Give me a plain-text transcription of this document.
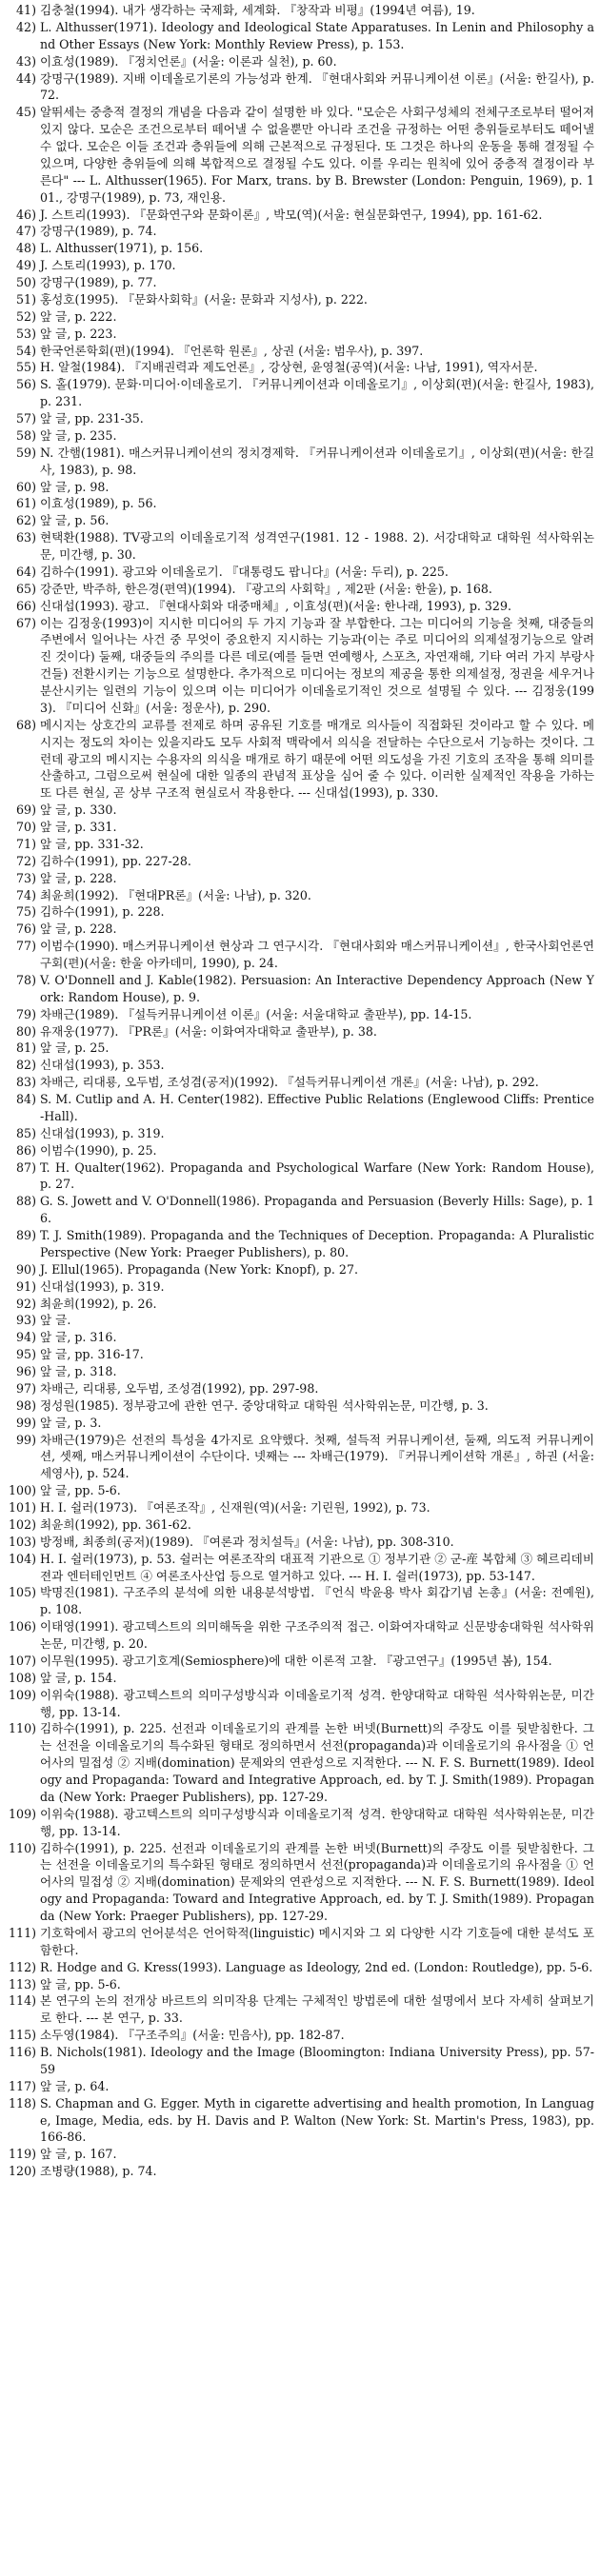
41) 김충철(1994). 내가 생각하는 국제화, 세계화. 『창작과 비평』(1994년 여름), 19.
42) L. Althusser(1971). Ideology and Ideological State Apparatuses. In Lenin and Philosophy and Other Essays (New York: Monthly Review Press), p. 153.
43) 이효성(1989). 『정치언론』(서울: 이론과 실천), p. 60.
44) 강명구(1989). 지배 이데올로기론의 가능성과 한계. 『현대사회와 커뮤니케이션 이론』(서울: 한길사), p. 72.
45) 알뛰세는 중층적 결정의 개념을 다음과 같이 설명한 바 있다. "모순은 사회구성체의 전체구조로부터 떨어져 있지 않다. 모순은 조건으로부터 떼어낼 수 없을뿐만 아니라 조건을 규정하는 어떤 층위들로부터도 떼어낼 수 없다. 모순은 이들 조건과 층위들에 의해 근본적으로 규정된다. 또 그것은 하나의 운동을 통해 결정될 수 있으며, 다양한 층위들에 의해 복합적으로 결정될 수도 있다. 이를 우리는 원칙에 있어 중층적 결정이라 부른다" --- L. Althusser(1965). For Marx, trans. by B. Brewster (London: Penguin, 1969), p. 101., 강명구(1989), p. 73, 재인용.
46) J. 스트리(1993). 『문화연구와 문화이론』, 박모(역)(서울: 현실문화연구, 1994), pp. 161-62.
47) 강명구(1989), p. 74.
48) L. Althusser(1971), p. 156.
49) J. 스토리(1993), p. 170.
50) 강명구(1989), p. 77.
51) 홍성호(1995). 『문화사회학』(서울: 문화과 지성사), p. 222.
52) 앞 글, p. 222.
53) 앞 글, p. 223.
54) 한국언론학회(편)(1994). 『언론학 원론』, 상권 (서울: 범우사), p. 397.
55) H. 알철(1984). 『지배권력과 제도언론』, 강상현, 윤영철(공역)(서울: 나남, 1991), 역자서문.
56) S. 홀(1979). 문화·미디어·이데올로기. 『커뮤니케이션과 이데올로기』, 이상회(편)(서울: 한길사, 1983), p. 231.
57) 앞 글, pp. 231-35.
58) 앞 글, p. 235.
59) N. 간햄(1981). 매스커뮤니케이션의 정치경제학. 『커뮤니케이션과 이데올로기』, 이상회(편)(서울: 한길사, 1983), p. 98.
60) 앞 글, p. 98.
61) 이효성(1989), p. 56.
62) 앞 글, p. 56.
63) 현택환(1988). TV광고의 이데올로기적 성격연구(1981. 12 - 1988. 2). 서강대학교 대학원 석사학위논문, 미간행, p. 30.
64) 김하수(1991). 광고와 이데올로기. 『대통령도 팝니다』(서울: 두리), p. 225.
65) 강준만, 박주하, 한은경(편역)(1994). 『광고의 사회학』, 제2판 (서울: 한울), p. 168.
66) 신대섭(1993). 광고. 『현대사회와 대중매체』, 이효성(편)(서울: 한나래, 1993), p. 329.
67) 이는 김정웅(1993)이 지시한 미디어의 두 가지 기능과 잘 부합한다. 그는 미디어의 기능을 첫째, 대중들의 주변에서 일어나는 사건 중 무엇이 중요한지 지시하는 기능과(이는 주로 미디어의 의제설정기능으로 알려진 것이다) 둘째, 대중들의 주의를 다른 데로(예를 들면 연예행사, 스포츠, 자연재해, 기타 여러 가지 부랑사건들) 전환시키는 기능으로 설명한다. 추가적으로 미디어는 정보의 제공을 통한 의제설정, 정권을 세우거나 분산시키는 일련의 기능이 있으며 이는 미디어가 이데올로기적인 것으로 설명될 수 있다. --- 김정웅(1993). 『미디어 신화』(서울: 정운사), p. 290.
68) 메시지는 상호간의 교류를 전제로 하며 공유된 기호를 매개로 의사들이 직접화된 것이라고 할 수 있다. 메시지는 정도의 차이는 있을지라도 모두 사회적 맥락에서 의식을 전달하는 수단으로서 기능하는 것이다. 그런데 광고의 메시지는 수용자의 의식을 매개로 하기 때문에 어떤 의도성을 가진 기호의 조작을 통해 의미를 산출하고, 그럼으로써 현실에 대한 일종의 관념적 표상을 심어 줄 수 있다. 이러한 실제적인 작용을 가하는 또 다른 현실, 곧 상부 구조적 현실로서 작용한다. --- 신대섭(1993), p. 330.
69) 앞 글, p. 330.
70) 앞 글, p. 331.
71) 앞 글, pp. 331-32.
72) 김하수(1991), pp. 227-28.
73) 앞 글, p. 228.
74) 최윤희(1992). 『현대PR론』(서울: 나남), p. 320.
75) 김하수(1991), p. 228.
76) 앞 글, p. 228.
77) 이범수(1990). 매스커뮤니케이션 현상과 그 연구시각. 『현대사회와 매스커뮤니케이션』, 한국사회언론연구회(편)(서울: 한울 아카데미, 1990), p. 24.
78) V. O'Donnell and J. Kable(1982). Persuasion: An Interactive Dependency Approach (New York: Random House), p. 9.
79) 차배근(1989). 『설득커뮤니케이션 이론』(서울: 서울대학교 출판부), pp. 14-15.
80) 유재웅(1977). 『PR론』(서울: 이화여자대학교 출판부), p. 38.
81) 앞 글, p. 25.
82) 신대섭(1993), p. 353.
83) 차배근, 리대룡, 오두범, 조성겸(공저)(1992). 『설득커뮤니케이션 개론』(서울: 나남), p. 292.
84) S. M. Cutlip and A. H. Center(1982). Effective Public Relations (Englewood Cliffs: Prentice-Hall).
85) 신대섭(1993), p. 319.
86) 이범수(1990), p. 25.
87) T. H. Qualter(1962). Propaganda and Psychological Warfare (New York: Random House), p. 27.
88) G. S. Jowett and V. O'Donnell(1986). Propaganda and Persuasion (Beverly Hills: Sage), p. 16.
89) T. J. Smith(1989). Propaganda and the Techniques of Deception. Propaganda: A Pluralistic Perspective (New York: Praeger Publishers), p. 80.
90) J. Ellul(1965). Propaganda (New York: Knopf), p. 27.
91) 신대섭(1993), p. 319.
92) 최윤희(1992), p. 26.
93) 앞 글.
94) 앞 글, p. 316.
95) 앞 글, pp. 316-17.
96) 앞 글, p. 318.
97) 차배근, 리대룡, 오두범, 조성겸(1992), pp. 297-98.
98) 정성원(1985). 정부광고에 관한 연구. 중앙대학교 대학원 석사학위논문, 미간행, p. 3.
99) 앞 글, p. 3.
99) 차배근(1979)은 선전의 특성을 4가지로 요약했다. 첫째, 설득적 커뮤니케이션, 둘째, 의도적 커뮤니케이션, 셋째, 매스커뮤니케이션이 수단이다. 넷째는 --- 차배근(1979). 『커뮤니케이션학 개론』, 하권 (서울: 세영사), p. 524.
100) 앞 글, pp. 5-6.
101) H. I. 쉴러(1973). 『여론조작』, 신재원(역)(서울: 기린원, 1992), p. 73.
102) 최윤희(1992), pp. 361-62.
103) 방정배, 최종희(공저)(1989). 『여론과 정치설득』(서울: 나남), pp. 308-310.
104) H. I. 쉴러(1973), p. 53. 쉴러는 여론조작의 대표적 기관으로 ① 정부기관 ② 군-産 복합체 ③ 헤르리데비젼과 엔터테인먼트 ④ 여론조사산업 등으로 열거하고 있다. --- H. I. 쉴러(1973), pp. 53-147.
105) 박명진(1981). 구조주의 분석에 의한 내용분석방법. 『언식 박윤용 박사 회갑기념 논총』(서울: 전예원), p. 108.
106) 이태영(1991). 광고텍스트의 의미해독을 위한 구조주의적 접근. 이화여자대학교 신문방송대학원 석사학위논문, 미간행, p. 20.
107) 이무원(1995). 광고기호계(Semiosphere)에 대한 이론적 고찰. 『광고연구』(1995년 봄), 154.
108) 앞 글, p. 154.
109) 이위숙(1988). 광고텍스트의 의미구성방식과 이데올로기적 성격. 한양대학교 대학원 석사학위논문, 미간행, pp. 13-14.
110) 김하수(1991), p. 225. 선전과 이데올로기의 관계를 논한 버넷(Burnett)의 주장도 이를 뒷받침한다. 그는 선전을 이데올로기의 특수화된 형태로 정의하면서 선전(propaganda)과 이데올로기의 유사점을 ① 언어사의 밀접성 ② 지배(domination) 문제와의 연관성으로 지적한다. --- N. F. S. Burnett(1989). Ideology and Propaganda: Toward and Integrative Approach, ed. by T. J. Smith(1989). Propaganda (New York: Praeger Publishers), pp. 127-29.
109) 이위숙(1988). 광고텍스트의 의미구성방식과 이데올로기적 성격. 한양대학교 대학원 석사학위논문, 미간행, pp. 13-14.
110) 김하수(1991), p. 225. 선전과 이데올로기의 관계를 논한 버넷(Burnett)의 주장도 이를 뒷받침한다. 그는 선전을 이데올로기의 특수화된 형태로 정의하면서 선전(propaganda)과 이데올로기의 유사점을 ① 언어사의 밀접성 ② 지배(domination) 문제와의 연관성으로 지적한다. --- N. F. S. Burnett(1989). Ideology and Propaganda: Toward and Integrative Approach, ed. by T. J. Smith(1989). Propaganda (New York: Praeger Publishers), pp. 127-29.
111) 기호학에서 광고의 언어분석은 언어학적(linguistic) 메시지와 그 외 다양한 시각 기호들에 대한 분석도 포함한다.
112) R. Hodge and G. Kress(1993). Language as Ideology, 2nd ed. (London: Routledge), pp. 5-6.
113) 앞 글, pp. 5-6.
114) 본 연구의 논의 전개상 바르트의 의미작용 단계는 구체적인 방법론에 대한 설명에서 보다 자세히 살펴보기로 한다. --- 본 연구, p. 33.
115) 소두영(1984). 『구조주의』(서울: 민음사), pp. 182-87.
116) B. Nichols(1981). Ideology and the Image (Bloomington: Indiana University Press), pp. 57-59
117) 앞 글, p. 64.
118) S. Chapman and G. Egger. Myth in cigarette advertising and health promotion, In Language, Image, Media, eds. by H. Davis and P. Walton (New York: St. Martin's Press, 1983), pp. 166-86.
119) 앞 글, p. 167.
120) 조병량(1988), p. 74.
